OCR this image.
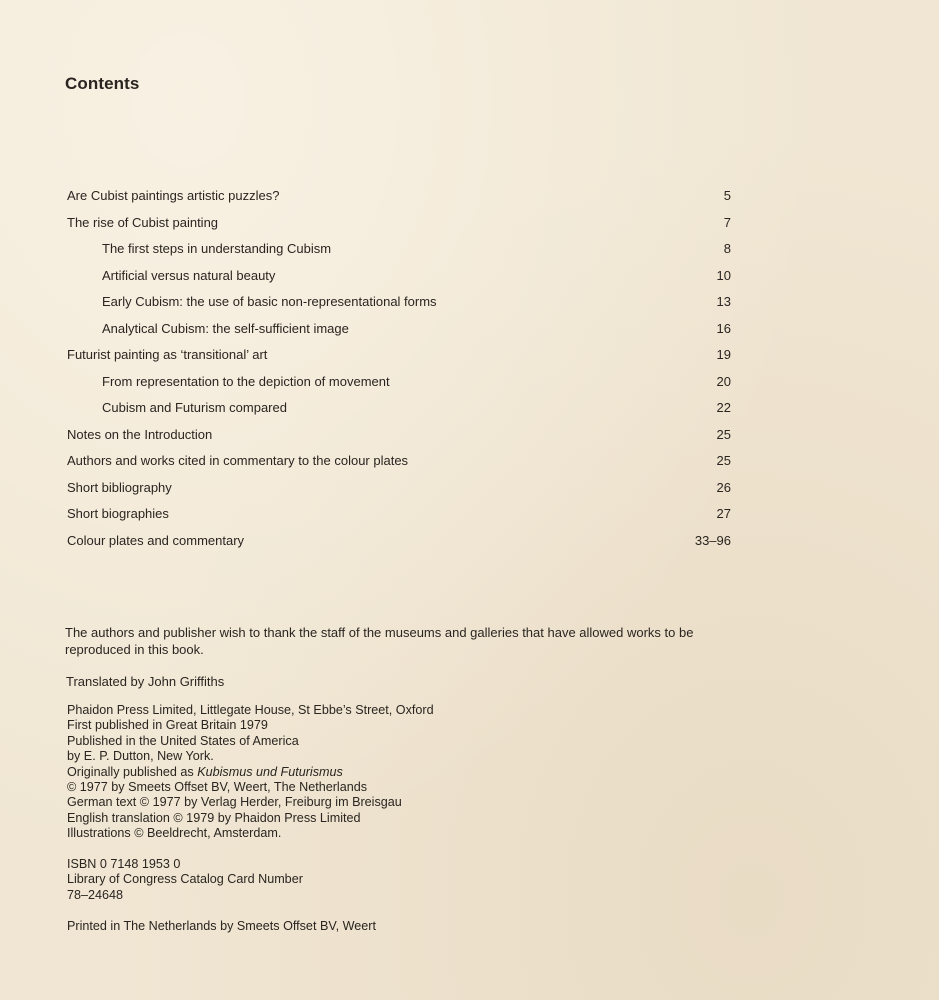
Contents
Are Cubist paintings artistic puzzles?	5
The rise of Cubist painting	7
The first steps in understanding Cubism	8
Artificial versus natural beauty	10
Early Cubism: the use of basic non-representational forms	13
Analytical Cubism: the self-sufficient image	16
Futurist painting as ‘transitional’ art	19
From representation to the depiction of movement	20
Cubism and Futurism compared	22
Notes on the Introduction	25
Authors and works cited in commentary to the colour plates	25
Short bibliography	26
Short biographies	27
Colour plates and commentary	33–96
The authors and publisher wish to thank the staff of the museums and galleries that have allowed works to be reproduced in this book.
Translated by John Griffiths
Phaidon Press Limited, Littlegate House, St Ebbe’s Street, Oxford
First published in Great Britain 1979
Published in the United States of America
by E. P. Dutton, New York.
Originally published as Kubismus und Futurismus
© 1977 by Smeets Offset BV, Weert, The Netherlands
German text © 1977 by Verlag Herder, Freiburg im Breisgau
English translation © 1979 by Phaidon Press Limited
Illustrations © Beeldrecht, Amsterdam.
ISBN 0 7148 1953 0
Library of Congress Catalog Card Number
78–24648
Printed in The Netherlands by Smeets Offset BV, Weert
